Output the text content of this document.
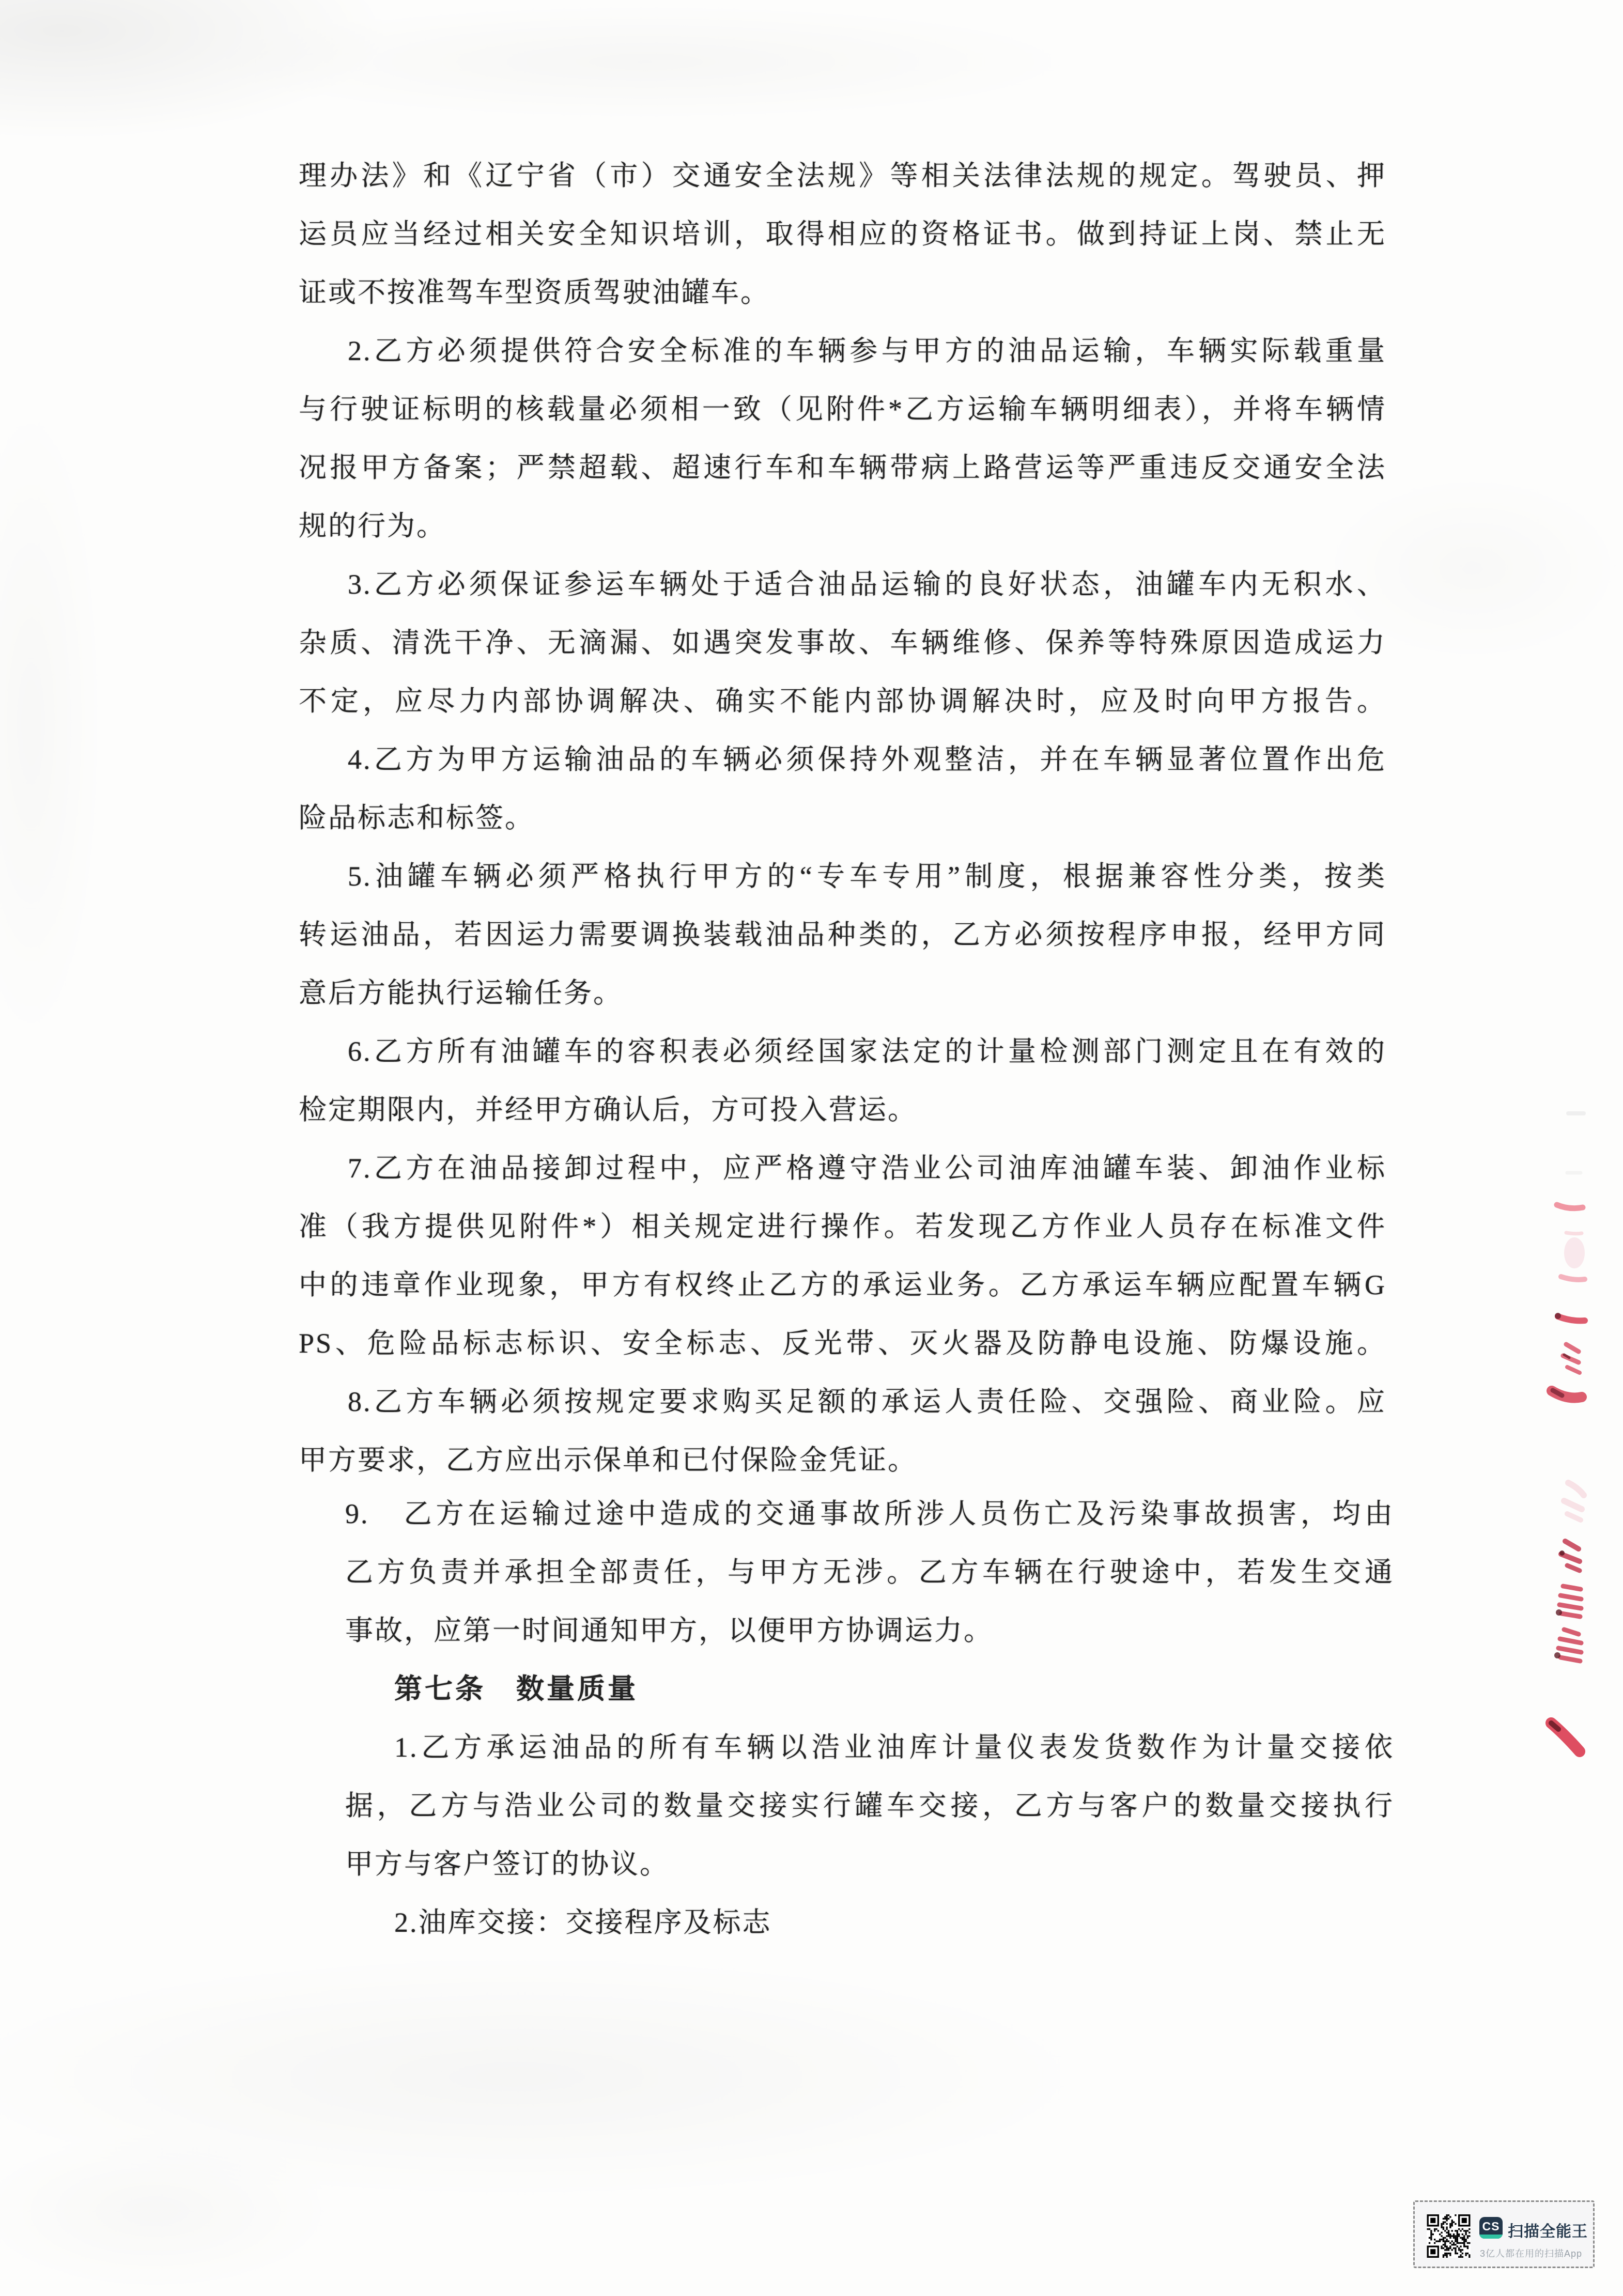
理办法》和《辽宁省（市）交通安全法规》等相关法律法规的规定。驾驶员、押
运员应当经过相关安全知识培训，取得相应的资格证书。做到持证上岗、禁止无
证或不按准驾车型资质驾驶油罐车。
2.乙方必须提供符合安全标准的车辆参与甲方的油品运输，车辆实际载重量
与行驶证标明的核载量必须相一致（见附件*乙方运输车辆明细表），并将车辆情
况报甲方备案；严禁超载、超速行车和车辆带病上路营运等严重违反交通安全法
规的行为。
3.乙方必须保证参运车辆处于适合油品运输的良好状态，油罐车内无积水、
杂质、清洗干净、无滴漏、如遇突发事故、车辆维修、保养等特殊原因造成运力
不定，应尽力内部协调解决、确实不能内部协调解决时，应及时向甲方报告。
4.乙方为甲方运输油品的车辆必须保持外观整洁，并在车辆显著位置作出危
险品标志和标签。
5.油罐车辆必须严格执行甲方的“专车专用”制度，根据兼容性分类，按类
转运油品，若因运力需要调换装载油品种类的，乙方必须按程序申报，经甲方同
意后方能执行运输任务。
6.乙方所有油罐车的容积表必须经国家法定的计量检测部门测定且在有效的
检定期限内，并经甲方确认后，方可投入营运。
7.乙方在油品接卸过程中，应严格遵守浩业公司油库油罐车装、卸油作业标
准（我方提供见附件*）相关规定进行操作。若发现乙方作业人员存在标准文件
中的违章作业现象，甲方有权终止乙方的承运业务。乙方承运车辆应配置车辆G
PS、危险品标志标识、安全标志、反光带、灭火器及防静电设施、防爆设施。
8.乙方车辆必须按规定要求购买足额的承运人责任险、交强险、商业险。应
甲方要求，乙方应出示保单和已付保险金凭证。
9.　乙方在运输过途中造成的交通事故所涉人员伤亡及污染事故损害，均由
乙方负责并承担全部责任，与甲方无涉。乙方车辆在行驶途中，若发生交通
事故，应第一时间通知甲方，以便甲方协调运力。
第七条　数量质量
1.乙方承运油品的所有车辆以浩业油库计量仪表发货数作为计量交接依
据，乙方与浩业公司的数量交接实行罐车交接，乙方与客户的数量交接执行
甲方与客户签订的协议。
2.油库交接：交接程序及标志
CS 扫描全能王
3亿人都在用的扫描App
